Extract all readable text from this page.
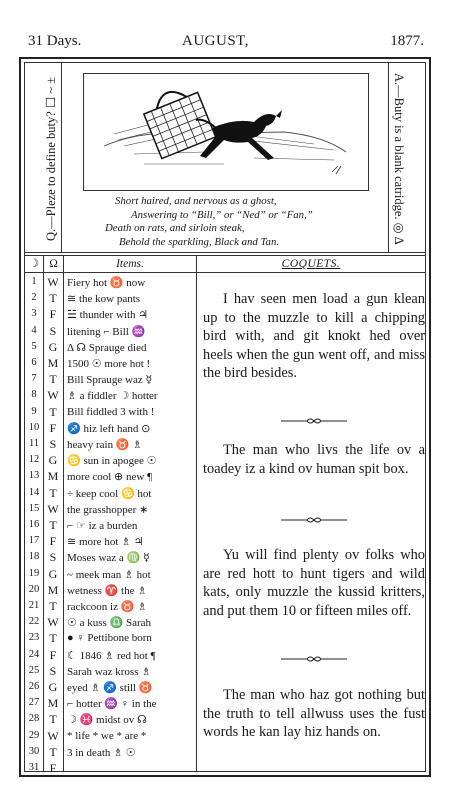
31 Days.	AUGUST,	1877.
Q.—Pleze to define buty? ☐ ~ ±	A.—Buty is a blank catridge. ◎ Δ
Short haired, and nervous as a ghost,
Answering to “Bill,” or “Ned” or “Fan,”
Death on rats, and sirloin steak,
Behold the sparkling, Black and Tan.
☽ Ω	Items.	COQUETS.
1 W Fiery hot ♉ now
2	T ≅ the kow pants
3	F ☱ thunder with ♃
4	S litening ⌐ Bill ♒
5	G Δ ☊ Sprauge died
6 M 1500 ☉ more hot !
7	T Bill Sprauge waz ☿
8 W ♗ a fiddler ☽ hotter
9	T Bill fiddled 3 with !
10 F ♐ hiz left hand ⊙
11 S heavy rain ♉ ♗
12 G ♋ sun in apogee ☉
13 M more cool ⊕ new ¶
14 T ÷ keep cool ♋ hot
15 W the grasshopper ∗
16 T ⌐ ☞ iz a burden
17 F ≅ more hot ♗ ♃
18 S Moses waz a ♍ ☿
19 G ~ meek man ♗ hot
20 M wetness ♈ the ♗
21 T rackcoon iz ♉ ♗
22 W ☉ a kuss ♎ Sarah
23 T ● ♀ Pettibone born
24 F ☾ 1846 ♗ red hot ¶
25 S Sarah waz kross ♗
26 G eyed ♗ ♐ still ♉
27 M ⌐ hotter ♒ ♀ in the
28 T ☽ ♓ midst ov ☊
29 W * life * we * are *
30 T 3 in death ♗ ☉
31 F

I hav seen men load a gun klean up to the muzzle to kill a chipping bird with, and git knokt hed over heels when the gun went off, and miss the bird besides.

The man who livs the life ov a toadey iz a kind ov human spit box.

Yu will find plenty ov folks who are red hott to hunt tigers and wild kats, only muzzle the kussid kritters, and put them 10 or fifteen miles off.

The man who haz got nothing but the truth to tell allwuss uses the fust words he kan lay hiz hands on.
